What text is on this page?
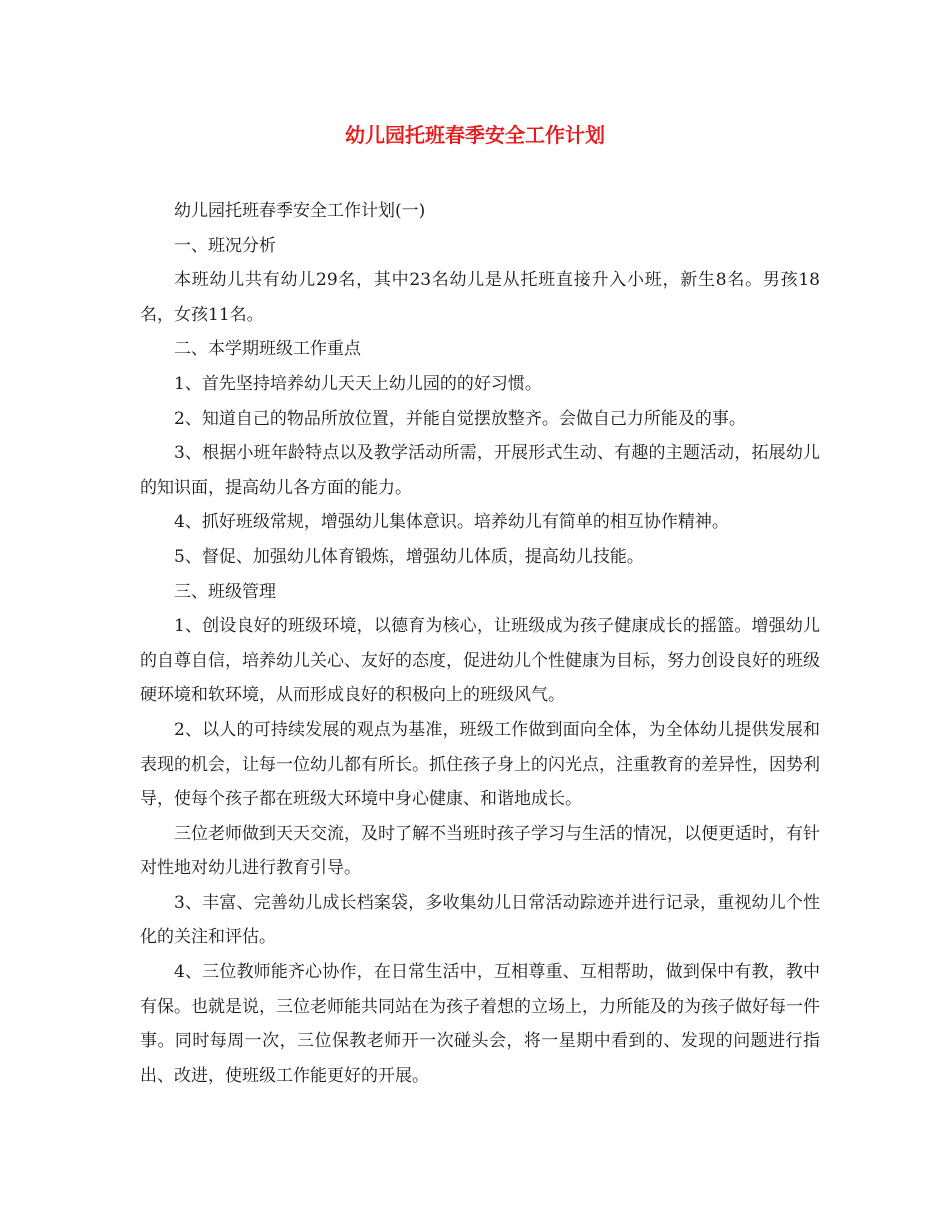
幼儿园托班春季安全工作计划

幼儿园托班春季安全工作计划(一)

一、班况分析

本班幼儿共有幼儿29名，其中23名幼儿是从托班直接升入小班，新生8名。男孩18名，女孩11名。

二、本学期班级工作重点

1、首先坚持培养幼儿天天上幼儿园的的好习惯。

2、知道自己的物品所放位置，并能自觉摆放整齐。会做自己力所能及的事。

3、根据小班年龄特点以及教学活动所需，开展形式生动、有趣的主题活动，拓展幼儿的知识面，提高幼儿各方面的能力。

4、抓好班级常规，增强幼儿集体意识。培养幼儿有简单的相互协作精神。

5、督促、加强幼儿体育锻炼，增强幼儿体质，提高幼儿技能。

三、班级管理

1、创设良好的班级环境，以德育为核心，让班级成为孩子健康成长的摇篮。增强幼儿的自尊自信，培养幼儿关心、友好的态度，促进幼儿个性健康为目标，努力创设良好的班级硬环境和软环境，从而形成良好的积极向上的班级风气。

2、以人的可持续发展的观点为基准，班级工作做到面向全体，为全体幼儿提供发展和表现的机会，让每一位幼儿都有所长。抓住孩子身上的闪光点，注重教育的差异性，因势利导，使每个孩子都在班级大环境中身心健康、和谐地成长。

三位老师做到天天交流，及时了解不当班时孩子学习与生活的情况，以便更适时，有针对性地对幼儿进行教育引导。

3、丰富、完善幼儿成长档案袋，多收集幼儿日常活动踪迹并进行记录，重视幼儿个性化的关注和评估。

4、三位教师能齐心协作，在日常生活中，互相尊重、互相帮助，做到保中有教，教中有保。也就是说，三位老师能共同站在为孩子着想的立场上，力所能及的为孩子做好每一件事。同时每周一次，三位保教老师开一次碰头会，将一星期中看到的、发现的问题进行指出、改进，使班级工作能更好的开展。
